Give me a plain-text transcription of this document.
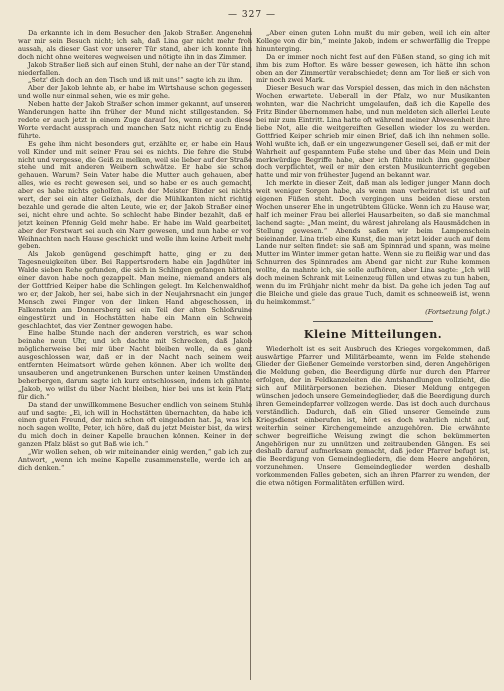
— 327 —

Da erkannte ich in dem Besucher den Jakob Straßer. Angenehm war mir sein Besuch nicht; ich sah, daß Lina gar nicht mehr froh aussah, als dieser Gast vor unserer Tür stand, aber ich konnte ihn doch nicht ohne weiteres wegweisen und nötigte ihn in das Zimmer.

Jakob Straßer ließ sich auf einen Stuhl, der nahe an der Tür stand, niederfallen.

„Setz' dich doch an den Tisch und iß mit uns!“ sagte ich zu ihm.

Aber der Jakob lehnte ab, er habe im Wirtshause schon gegessen und wolle nur einmal sehen, wie es mir gehe.

Neben hatte der Jakob Straßer schon immer gekannt, auf unseren Wanderungen hatte ihn früher der Mund nicht stillgestanden. So redete er auch jetzt in einem Zuge darauf los, wenn er auch diese Worte verdacht aussprach und manchen Satz nicht richtig zu Ende führte.

Es gehe ihm nicht besonders gut, erzählte er, er habe ein Haus voll Kinder und mit seiner Frau sei es nichts. Die fehre die Stube nicht und vergesse, die Geiß zu melken, weil sie lieber auf der Straße stehe und mit anderen Weibern schwätze. Er habe sie schon gehauen. Warum? Sein Vater habe die Mutter auch gehauen, aber alles, wie es recht gewesen sei, und so habe er es auch gemacht, aber es habe nichts geholfen. Auch der Meister Binder sei nichts wert, der sei ein alter Geizhals, der die Mühlkanten nicht richtig bezahle und gerade die alten Leute, wie er, der Jakob Straßer einer sei, nicht ehre und achte. So schlecht habe Binder bezahlt, daß er jetzt keinen Pfennig Geld mehr habe. Er habe im Wald gearbeitet, aber der Forstwart sei auch ein Narr gewesen, und nun habe er vor Weihnachten nach Hause geschickt und wolle ihm keine Arbeit mehr geben.

Als Jakob genügend geschimpft hatte, ging er zu den Tagesneuigkeiten über. Bei Rappertsrodern habe ein Jagdhüter im Walde sieben Rehe gefunden, die sich in Schlingen gefangen hätten, einer davon habe noch gezappelt. Man meine, niemand anders als der Gottfried Keiper habe die Schlingen gelegt. Im Kelchenwaldhof, wo er, der Jakob, her sei, habe sich in der Neujahrsnacht ein junger Mensch zwei Finger von der linken Hand abgeschossen, in Falkenstein am Donnersberg sei ein Teil der alten Schloßruine eingestürzt und in Hochstätten habe ein Mann ein Schwein geschlachtet, das vier Zentner gewogen habe.

Eine halbe Stunde nach der anderen verstrich, es war schon beinahe neun Uhr, und ich dachte mit Schrecken, daß Jakob möglicherweise bei mir über Nacht bleiben wolle, da es ganz ausgeschlossen war, daß er in der Nacht nach seinem weit entfernten Heimatsort würde gehen können. Aber ich wollte den unsauberen und angetrunkenen Burschen unter keinen Umständen beherbergen, darum sagte ich kurz entschlossen, indem ich gähnte: „Jakob, wo willst du über Nacht bleiben, hier bei uns ist kein Platz für dich.“

Da stand der unwillkommene Besucher endlich von seinem Stuhle auf und sagte: „Ei, ich will in Hochstätten übernachten, da habe ich einen guten Freund, der mich schon oft eingeladen hat. Ja, was ich noch sagen wollte, Peter, ich höre, daß du jetzt Meister bist, da wirst du mich doch in deiner Kapelle brauchen können. Keiner in der ganzen Pfalz bläst so gut Baß wie ich.“

„Wir wollen sehen, ob wir miteinander einig werden,“ gab ich zur Antwort, „wenn ich meine Kapelle zusammenstelle, werde ich an dich denken.“

„Aber einen guten Lohn mußt du mir geben, weil ich ein alter Kollege von dir bin,“ meinte Jakob, indem er schwerfällig die Treppe hinunterging.

Da er immer noch nicht fest auf den Füßen stand, so ging ich mit ihm bis zum Hoftor. Es wäre besser gewesen, ich hätte ihn schon oben an der Zimmertür verabschiedet; denn am Tor ließ er sich von mir noch zwei Mark.

Dieser Besuch war das Vorspiel dessen, das mich in den nächsten Wochen erwartete. Ueberall in der Pfalz, wo nur Musikanten wohnten, war die Nachricht umgelaufen, daß ich die Kapelle des Fritz Binder übernommen habe, und nun meldeten sich allerlei Leute bei mir zum Eintritt. Lina hatte oft während meiner Abwesenheit ihre liebe Not, alle die weitgereiften Gesellen wieder los zu werden. Gottfried Keiper schrieb mir einen Brief, daß ich ihn nehmen solle. Wohl wußte ich, daß er ein ungezwungener Gesell sei, daß er mit der Wahrheit auf gespanntem Fuße stehe und über das Mein und Dein merkwürdige Begriffe habe, aber ich fühlte mich ihm gegenüber doch verpflichtet, weil er mir den ersten Musikunterricht gegeben hatte und mir von frühester Jugend an bekannt war.

Ich merkte in dieser Zeit, daß man als lediger junger Mann doch weit weniger Sorgen habe, als wenn man verheiratet ist und auf eigenen Füßen steht. Doch vergingen uns beiden diese ersten Wochen unserer Ehe in ungetrübtem Glücke. Wenn ich zu Hause war, half ich meiner Frau bei allerlei Hausarbeiten, so daß sie manchmal lachend sagte: „Man meint, du wärest jahrelang als Hausmädchen in Stellung gewesen.“ Abends saßen wir beim Lampenschein beieinander. Lina trieb eine Kunst, die man jetzt leider auch auf dem Lande nur selten findet: sie saß am Spinnrad und spann, was meine Mutter im Winter immer getan hatte. Wenn sie zu fleißig war und das Schnurren des Spinnrades am Abend gar nicht zur Ruhe kommen wollte, da mahnte ich, sie solle aufhören, aber Lina sagte: „Ich will doch meinen Schrank mit Leinenzeug füllen und etwas zu tun haben, wenn du im Frühjahr nicht mehr da bist. Da gehe ich jeden Tag auf die Bleiche und giele das graue Tuch, damit es schneeweiß ist, wenn du heimkommst.“

(Fortsetzung folgt.)
Kleine Mitteilungen.

Wiederholt ist es seit Ausbruch des Krieges vorgekommen, daß auswärtige Pfarrer und Militärbeamte, wenn im Felde stehende Glieder der Gießener Gemeinde verstorben sind, deren Angehörigen die Meldung geben, die Beerdigung dürfe nur durch den Pfarrer erfolgen, der in Feldkanzeleiten die Amtshandlungen vollzieht, die sich auf Militärpersonen beziehen. Dieser Meldung entgegen wünschen jedoch unsere Gemeindeglieder, daß die Beerdigung durch ihren Gemeindepfarrer vollzogen werde. Das ist doch auch durchaus verständlich. Dadurch, daß ein Glied unserer Gemeinde zum Kriegsdienst einberufen ist, hört es doch wahrlich nicht auf, weiterhin seiner Kirchengemeinde anzugehören. Die erwähnte schwer begreifliche Weisung zwingt die schon bekümmerten Angehörigen nur zu unnützen und zeitraubenden Gängen. Es sei deshalb darauf aufmerksam gemacht, daß jeder Pfarrer befugt ist, die Beerdigung von Gemeindegliedern, die dem Heere angehören, vorzunehmen. Unsere Gemeindeglieder werden deshalb vorkommenden Falles gebeten, sich an ihren Pfarrer zu wenden, der die etwa nötigen Formalitäten erfüllen wird.
